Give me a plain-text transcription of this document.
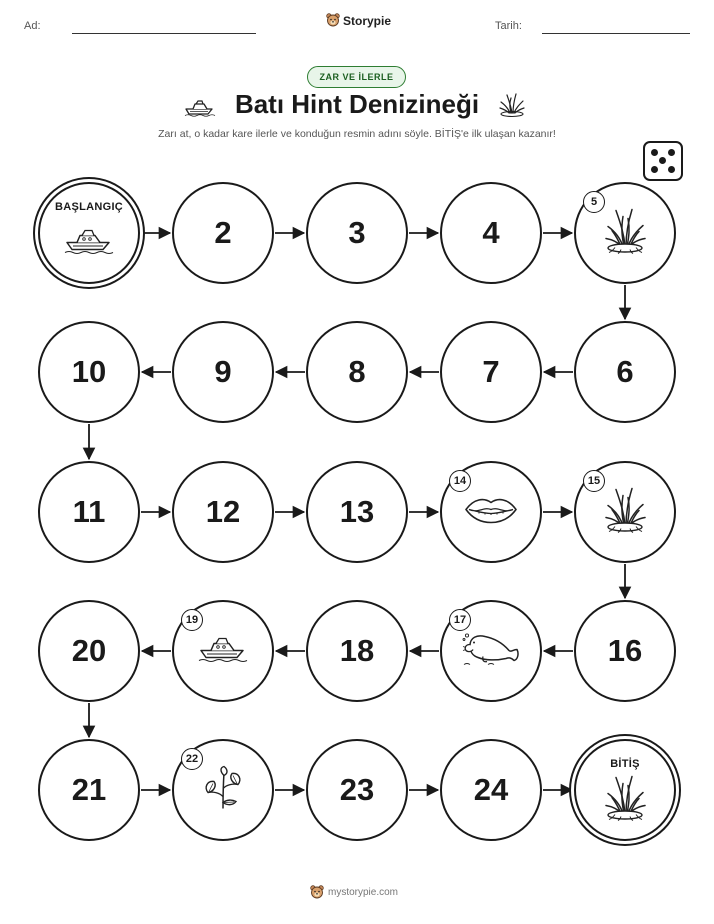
Ad:	Storypie	Tarih:
ZAR VE İLERLE
Batı Hint Denizineği
Zarı at, o kadar kare ilerle ve konduğun resmin adını söyle. BİTİŞ'e ilk ulaşan kazanır!
BAŞLANGIÇ
2	3	4
5
6
7
8
9
10
11	12	13
14	15
16
17
18
19
20
21
22
23	24
BİTİŞ
mystorypie.com
